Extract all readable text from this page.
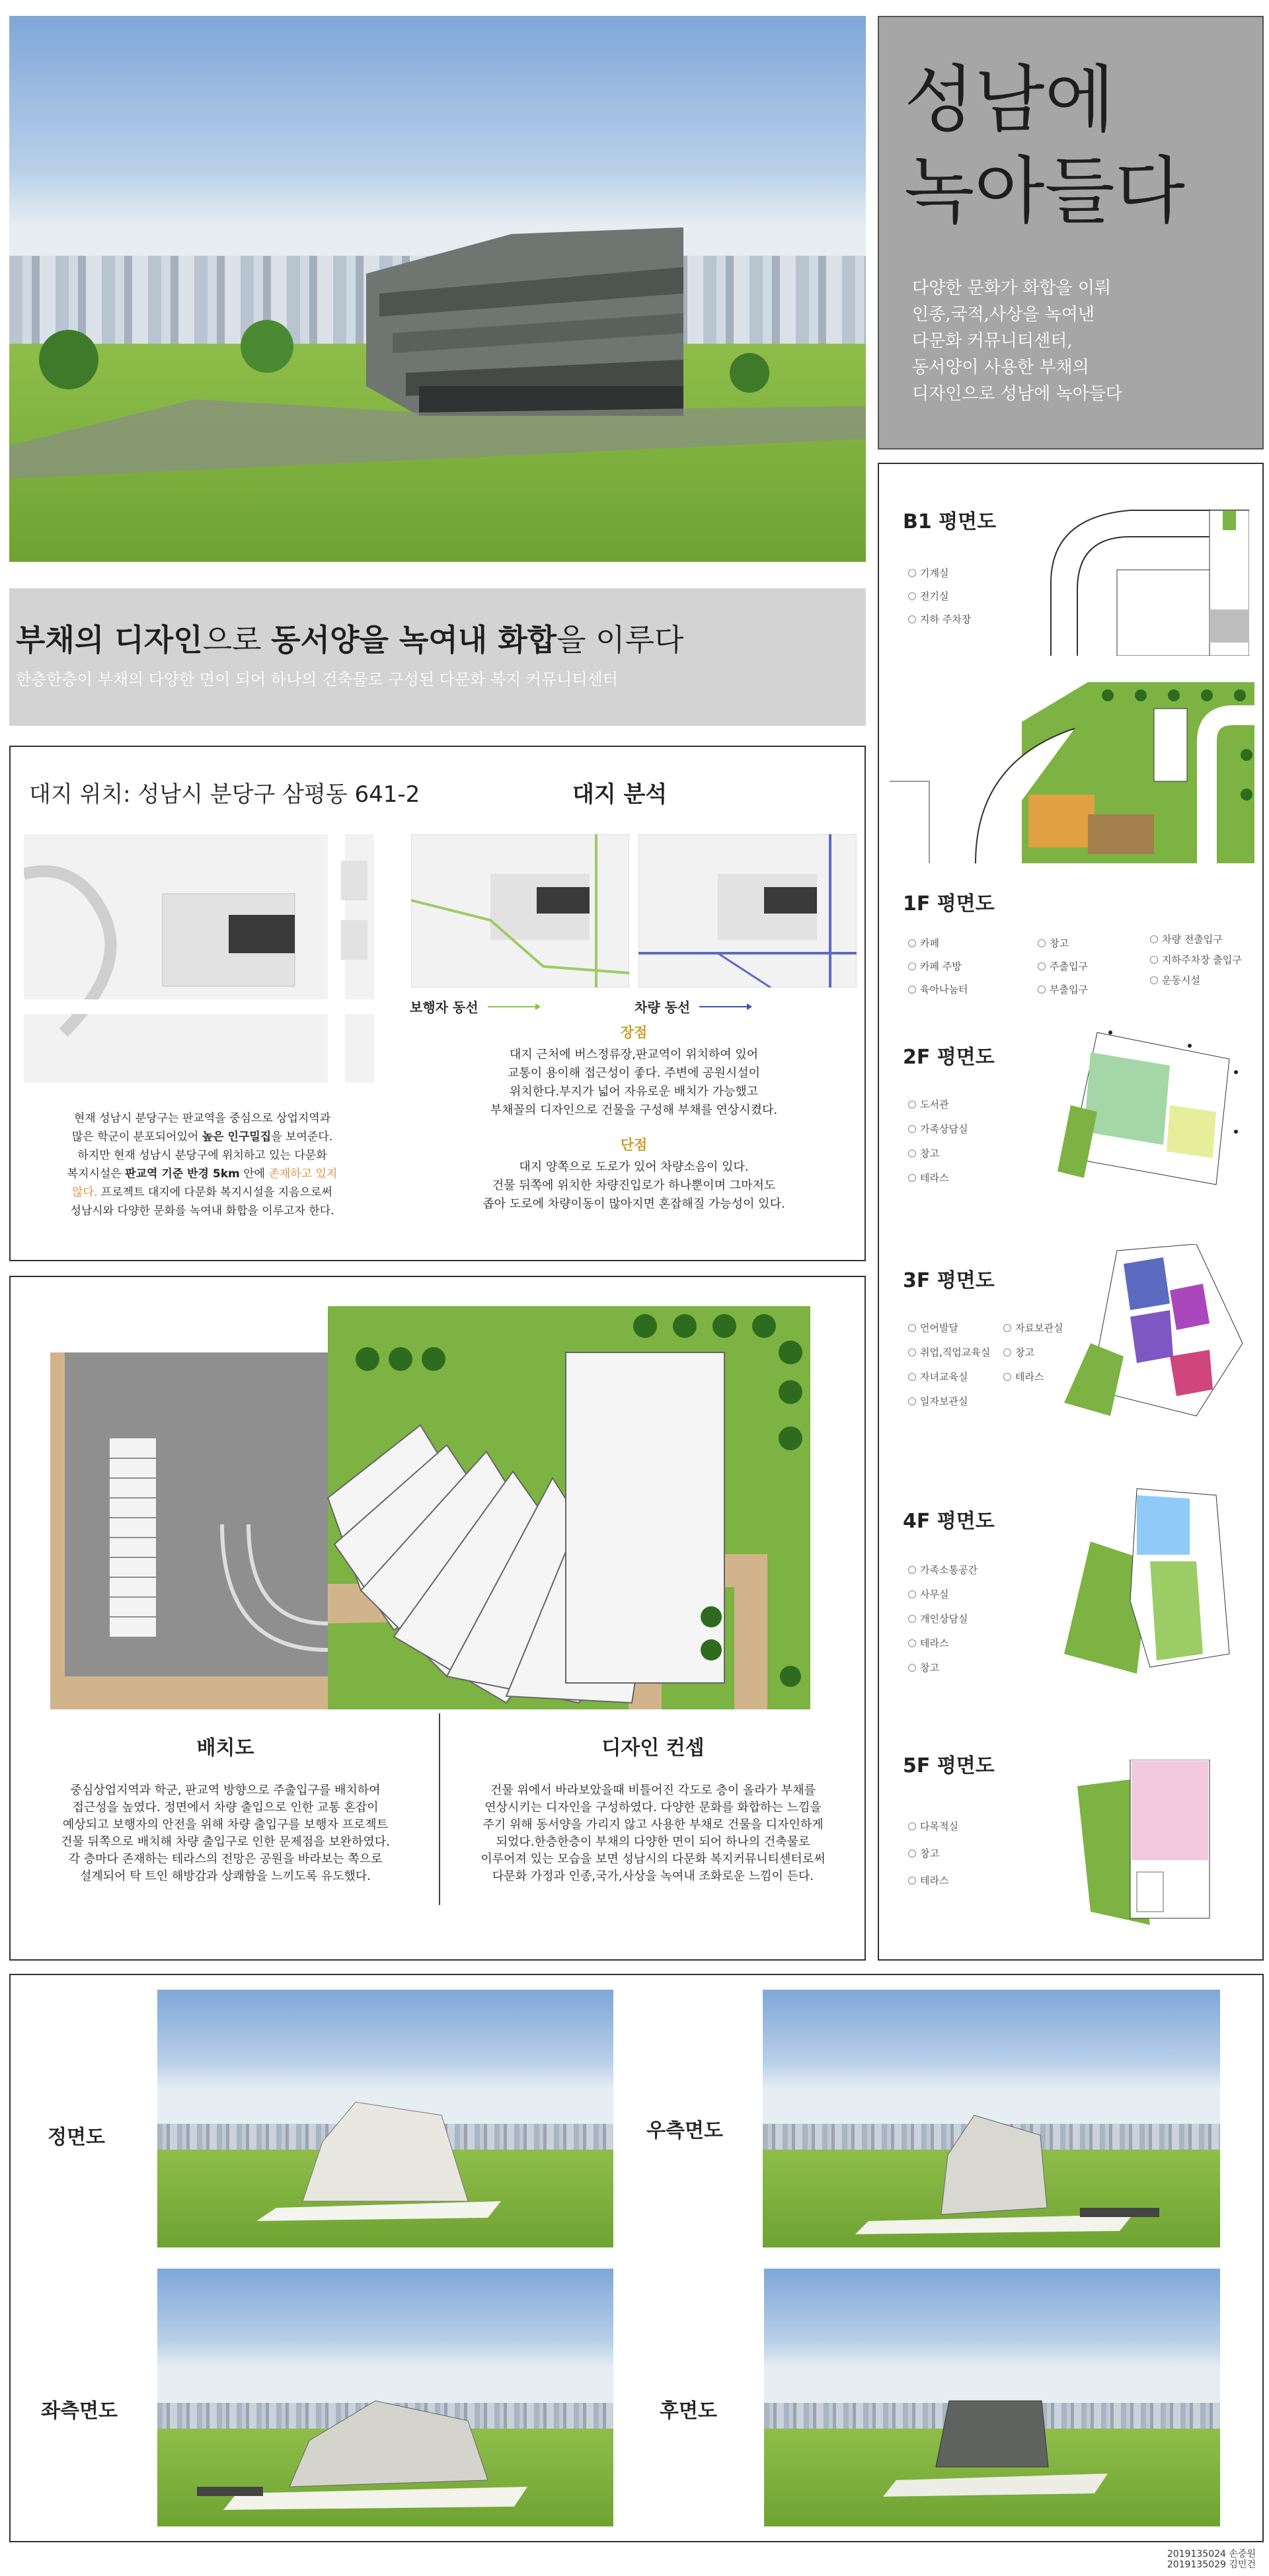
성남에
녹아들다
다양한 문화가 화합을 이뤄
인종,국적,사상을 녹여낸
다문화 커뮤니티센터,
동서양이 사용한 부채의
디자인으로 성남에 녹아들다
부채의 디자인으로 동서양을 녹여내 화합을 이루다
한층한층이 부채의 다양한 면이 되어 하나의 건축물로 구성된 다문화 복지 커뮤니티센터
대지 위치: 성남시 분당구 삼평동 641-2	대지 분석
보행자 동선	차량 동선
현재 성남시 분당구는 판교역을 중심으로 상업지역과
많은 학군이 분포되어있어 높은 인구밀집을 보여준다.
하지만 현재 성남시 분당구에 위치하고 있는 다문화
복지시설은 판교역 기준 반경 5km 안에 존재하고 있지
않다. 프로젝트 대지에 다문화 복지시설을 지음으로써
성남시와 다양한 문화를 녹여내 화합을 이루고자 한다.
장점
대지 근처에 버스정류장,판교역이 위치하여 있어
교통이 용이해 접근성이 좋다. 주변에 공원시설이
위치한다.부지가 넓어 자유로운 배치가 가능했고
부채꼴의 디자인으로 건물을 구성해 부채를 연상시켰다.
단점
대지 양쪽으로 도로가 있어 차량소음이 있다.
건물 뒤쪽에 위치한 차량진입로가 하나뿐이며 그마저도
좁아 도로에 차량이동이 많아지면 혼잡해질 가능성이 있다.
배치도
중심상업지역과 학군, 판교역 방향으로 주출입구를 배치하여
접근성을 높였다. 정면에서 차량 출입으로 인한 교통 혼잡이
예상되고 보행자의 안전을 위해 차량 출입구를 보행자 프로젝트
건물 뒤쪽으로 배치해 차량 출입구로 인한 문제점을 보완하였다.
각 층마다 존재하는 테라스의 전망은 공원을 바라보는 쪽으로
설계되어 탁 트인 해방감과 상쾌함을 느끼도록 유도했다.
디자인 컨셉
건물 위에서 바라보았을때 비틀어진 각도로 층이 올라가 부채를
연상시키는 디자인을 구성하였다. 다양한 문화를 화합하는 느낌을
주기 위해 동서양을 가리지 않고 사용한 부채로 건물을 디자인하게
되었다.한층한층이 부채의 다양한 면이 되어 하나의 건축물로
이루어져 있는 모습을 보면 성남시의 다문화 복지커뮤니티센터로써
다문화 가정과 인종,국가,사상을 녹여내 조화로운 느낌이 든다.
B1 평면도
기계실
전기실
지하 주차장
1F 평면도
카페
카페 주방
육아나눔터
창고
주출입구
부출입구
차량 전출입구
지하주차장 출입구
운동시설
2F 평면도
도서관
가족상담실
창고
테라스
3F 평면도
언어발달
취업,직업교육실
자녀교육실
일자보관실
자료보관실
창고
테라스
4F 평면도
가족소통공간
사무실
개인상담실
테라스
창고
5F 평면도
다목적실
창고
테라스
정면도	우측면도
좌측면도	후면도
2019135024 손중원
2019135029 김민건
